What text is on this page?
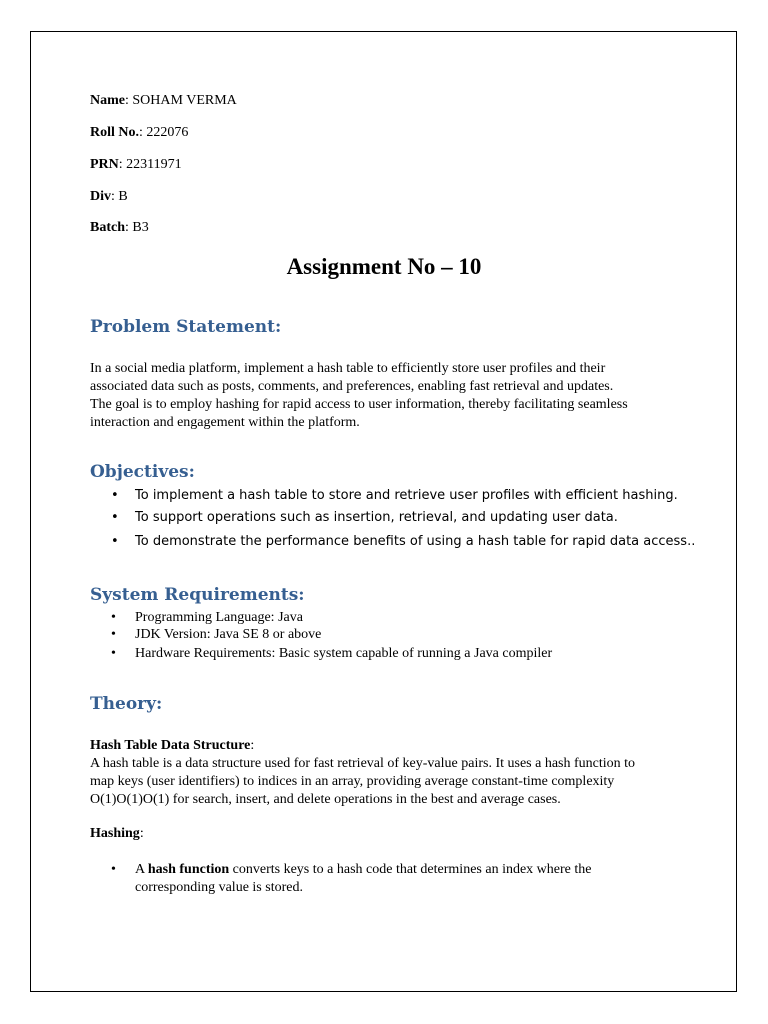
Name: SOHAM VERMA
Roll No.: 222076
PRN: 22311971
Div: B
Batch: B3
Assignment No – 10
Problem Statement:
In a social media platform, implement a hash table to efficiently store user profiles and their
associated data such as posts, comments, and preferences, enabling fast retrieval and updates.
The goal is to employ hashing for rapid access to user information, thereby facilitating seamless
interaction and engagement within the platform.
Objectives:
• To implement a hash table to store and retrieve user profiles with efficient hashing.
• To support operations such as insertion, retrieval, and updating user data.
• To demonstrate the performance benefits of using a hash table for rapid data access..
System Requirements:
• Programming Language: Java
• JDK Version: Java SE 8 or above
• Hardware Requirements: Basic system capable of running a Java compiler
Theory:
Hash Table Data Structure:
A hash table is a data structure used for fast retrieval of key-value pairs. It uses a hash function to
map keys (user identifiers) to indices in an array, providing average constant-time complexity
O(1)O(1)O(1) for search, insert, and delete operations in the best and average cases.
Hashing:
• A hash function converts keys to a hash code that determines an index where the
corresponding value is stored.
